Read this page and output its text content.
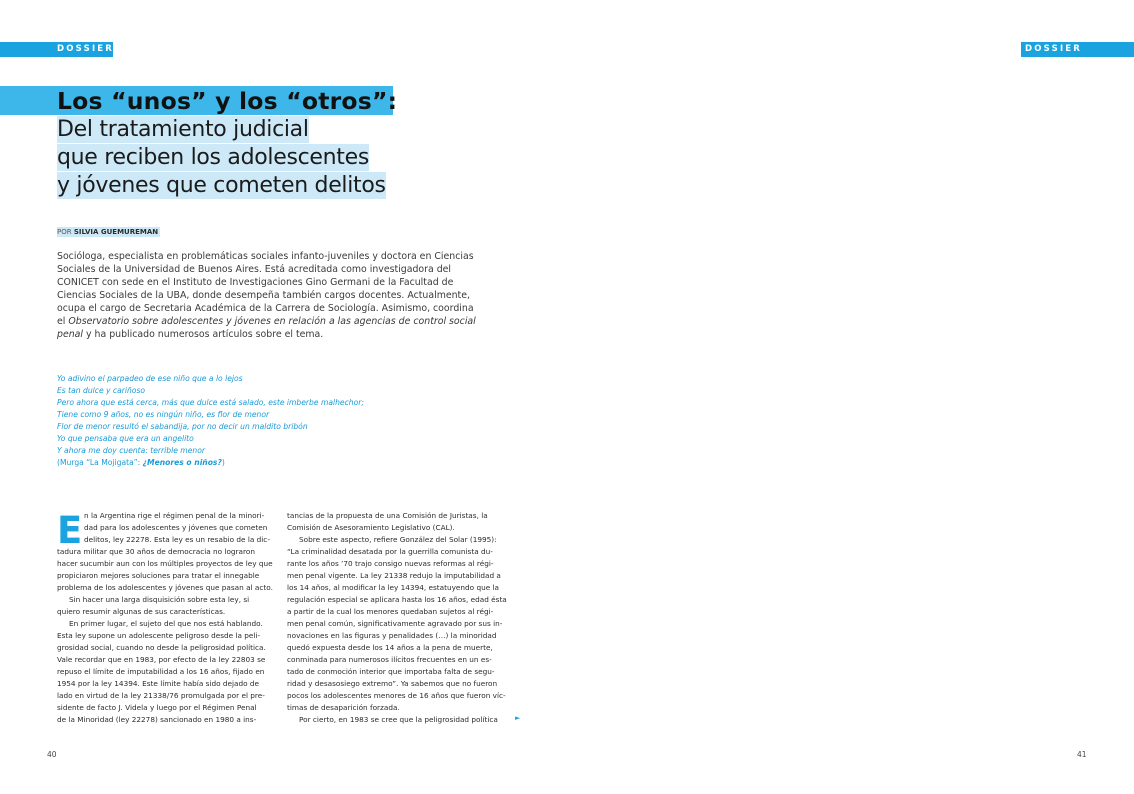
DOSSIER	DOSSIER
Los “unos” y los “otros”:
Del tratamiento judicial
que reciben los adolescentes
y jóvenes que cometen delitos
POR SILVIA GUEMUREMAN
Socióloga, especialista en problemáticas sociales infanto-juveniles y doctora en Ciencias
Sociales de la Universidad de Buenos Aires. Está acreditada como investigadora del
CONICET con sede en el Instituto de Investigaciones Gino Germani de la Facultad de
Ciencias Sociales de la UBA, donde desempeña también cargos docentes. Actualmente,
ocupa el cargo de Secretaria Académica de la Carrera de Sociología. Asimismo, coordina
el Observatorio sobre adolescentes y jóvenes en relación a las agencias de control social
penal y ha publicado numerosos artículos sobre el tema.
Yo adivino el parpadeo de ese niño que a lo lejos
Es tan dulce y cariñoso
Pero ahora que está cerca, más que dulce está salado, este imberbe malhechor;
Tiene como 9 años, no es ningún niño, es flor de menor
Flor de menor resultó el sabandija, por no decir un maldito bribón
Yo que pensaba que era un angelito
Y ahora me doy cuenta: terrible menor
(Murga “La Mojigata”: ¿Menores o niños?)
E n la Argentina rige el régimen penal de la minori-
dad para los adolescentes y jóvenes que cometen
delitos, ley 22278. Esta ley es un resabio de la dic-
tadura militar que 30 años de democracia no lograron
hacer sucumbir aun con los múltiples proyectos de ley que
propiciaron mejores soluciones para tratar el innegable
problema de los adolescentes y jóvenes que pasan al acto.
Sin hacer una larga disquisición sobre esta ley, si
quiero resumir algunas de sus características.
En primer lugar, el sujeto del que nos está hablando.
Esta ley supone un adolescente peligroso desde la peli-
grosidad social, cuando no desde la peligrosidad política.
Vale recordar que en 1983, por efecto de la ley 22803 se
repuso el límite de imputabilidad a los 16 años, fijado en
1954 por la ley 14394. Este límite había sido dejado de
lado en virtud de la ley 21338/76 promulgada por el pre-
sidente de facto J. Videla y luego por el Régimen Penal
de la Minoridad (ley 22278) sancionado en 1980 a ins-
tancias de la propuesta de una Comisión de Juristas, la
Comisión de Asesoramiento Legislativo (CAL).
Sobre este aspecto, refiere González del Solar (1995):
“La criminalidad desatada por la guerrilla comunista du-
rante los años ’70 trajo consigo nuevas reformas al régi-
men penal vigente. La ley 21338 redujo la imputabilidad a
los 14 años, al modificar la ley 14394, estatuyendo que la
regulación especial se aplicara hasta los 16 años, edad ésta
a partir de la cual los menores quedaban sujetos al régi-
men penal común, significativamente agravado por sus in-
novaciones en las figuras y penalidades (…) la minoridad
quedó expuesta desde los 14 años a la pena de muerte,
conminada para numerosos ilícitos frecuentes en un es-
tado de conmoción interior que importaba falta de segu-
ridad y desasosiego extremo”. Ya sabemos que no fueron
pocos los adolescentes menores de 16 años que fueron víc-
timas de desaparición forzada.
Por cierto, en 1983 se cree que la peligrosidad política	►
40	41
